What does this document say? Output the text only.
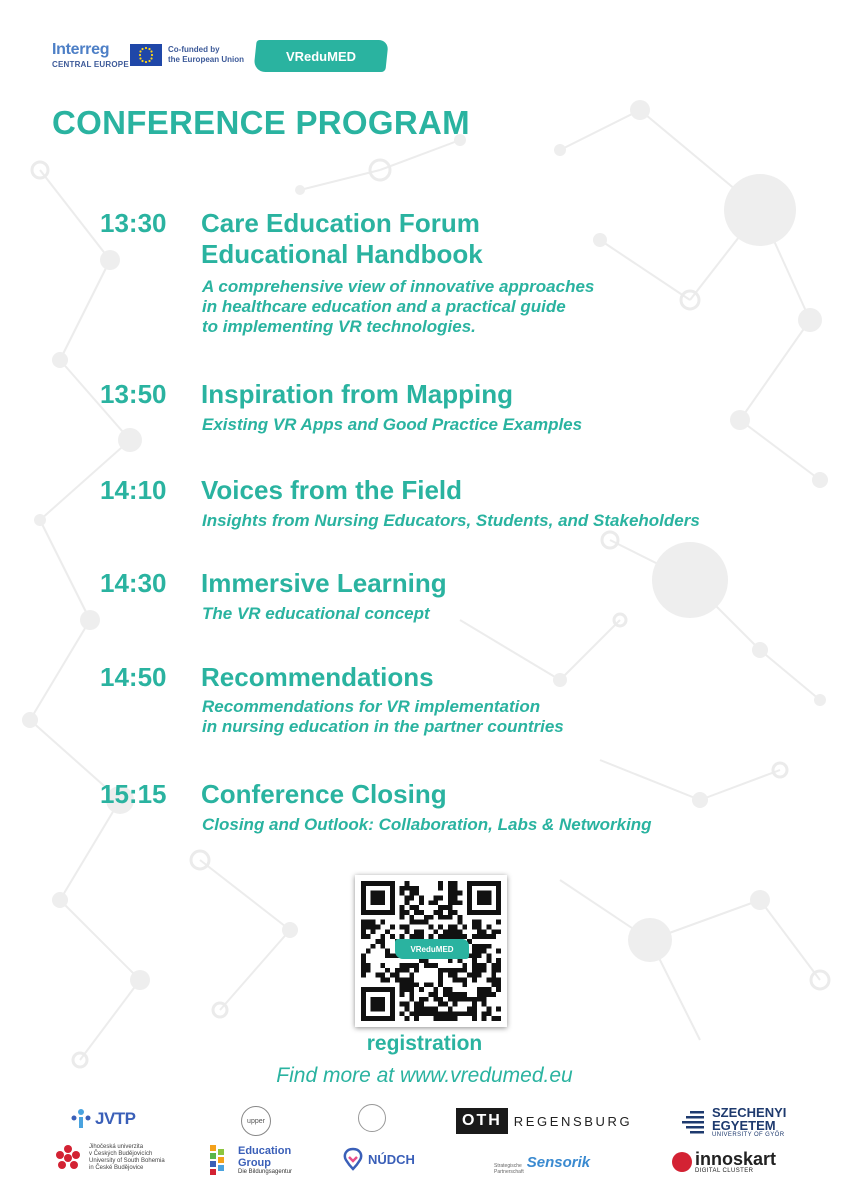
Interreg
CENTRAL EUROPE
Co-funded by
the European Union	VReduMED
CONFERENCE PROGRAM
13:30 Care Education Forum
Educational Handbook
A comprehensive view of innovative approaches
in healthcare education and a practical guide
to implementing VR technologies.
13:50 Inspiration from Mapping
Existing VR Apps and Good Practice Examples
14:10 Voices from the Field
Insights from Nursing Educators, Students, and Stakeholders
14:30 Immersive Learning
The VR educational concept
14:50 Recommendations
Recommendations for VR implementation
in nursing education in the partner countries
15:15 Conference Closing
Closing and Outlook: Collaboration, Labs & Networking
VReduMED
registration
Find more at www.vredumed.eu
JVTP	upper	OTH REGENSBURG
SZECHENYI
EGYETEM
UNIVERSITY OF GYŐR
Jihočeská univerzita
v Českých Budějovicích
University of South Bohemia
in České Budějovice
Education
Group
Die Bildungsagentur
NÚDCH	Strategische
Partnerschaft
Sensorik	innoskart
DIGITAL CLUSTER
